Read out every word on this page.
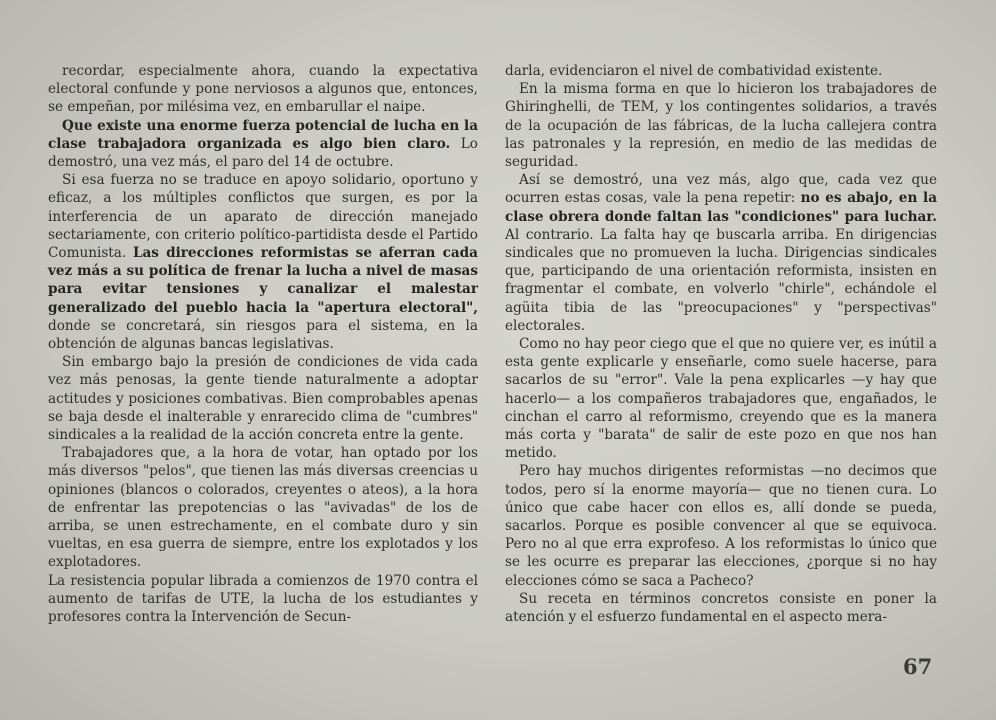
recordar, especialmente ahora, cuando la expectativa electoral confunde y pone nerviosos a algunos que, entonces, se empeñan, por milésima vez, en embarullar el naipe.

Que existe una enorme fuerza potencial de lucha en la clase trabajadora organizada es algo bien claro. Lo demostró, una vez más, el paro del 14 de octubre.

Si esa fuerza no se traduce en apoyo solidario, oportuno y eficaz, a los múltiples conflictos que surgen, es por la interferencia de un aparato de dirección manejado sectariamente, con criterio político-partidista desde el Partido Comunista. Las direcciones reformistas se aferran cada vez más a su política de frenar la lucha a nivel de masas para evitar tensiones y canalizar el malestar generalizado del pueblo hacia la "apertura electoral", donde se concretará, sin riesgos para el sistema, en la obtención de algunas bancas legislativas.

Sin embargo bajo la presión de condiciones de vida cada vez más penosas, la gente tiende naturalmente a adoptar actitudes y posiciones combativas. Bien comprobables apenas se baja desde el inalterable y enrarecido clima de "cumbres" sindicales a la realidad de la acción concreta entre la gente.

Trabajadores que, a la hora de votar, han optado por los más diversos "pelos", que tienen las más diversas creencias u opiniones (blancos o colorados, creyentes o ateos), a la hora de enfrentar las prepotencias o las "avivadas" de los de arriba, se unen estrechamente, en el combate duro y sin vueltas, en esa guerra de siempre, entre los explotados y los explotadores.

La resistencia popular librada a comienzos de 1970 contra el aumento de tarifas de UTE, la lucha de los estudiantes y profesores contra la Intervención de Secun-

darla, evidenciaron el nivel de combatividad existente.

En la misma forma en que lo hicieron los trabajadores de Ghiringhelli, de TEM, y los contingentes solidarios, a través de la ocupación de las fábricas, de la lucha callejera contra las patronales y la represión, en medio de las medidas de seguridad.

Así se demostró, una vez más, algo que, cada vez que ocurren estas cosas, vale la pena repetir: no es abajo, en la clase obrera donde faltan las "condiciones" para luchar. Al contrario. La falta hay qe buscarla arriba. En dirigencias sindicales que no promueven la lucha. Dirigencias sindicales que, participando de una orientación reformista, insisten en fragmentar el combate, en volverlo "chirle", echándole el agüita tibia de las "preocupaciones" y "perspectivas" electorales.

Como no hay peor ciego que el que no quiere ver, es inútil a esta gente explicarle y enseñarle, como suele hacerse, para sacarlos de su "error". Vale la pena explicarles —y hay que hacerlo— a los compañeros trabajadores que, engañados, le cinchan el carro al reformismo, creyendo que es la manera más corta y "barata" de salir de este pozo en que nos han metido.

Pero hay muchos dirigentes reformistas —no decimos que todos, pero sí la enorme mayoría— que no tienen cura. Lo único que cabe hacer con ellos es, allí donde se pueda, sacarlos. Porque es posible convencer al que se equivoca. Pero no al que erra exprofeso. A los reformistas lo único que se les ocurre es preparar las elecciones, ¿porque si no hay elecciones cómo se saca a Pacheco?

Su receta en términos concretos consiste en poner la atención y el esfuerzo fundamental en el aspecto mera-

67
